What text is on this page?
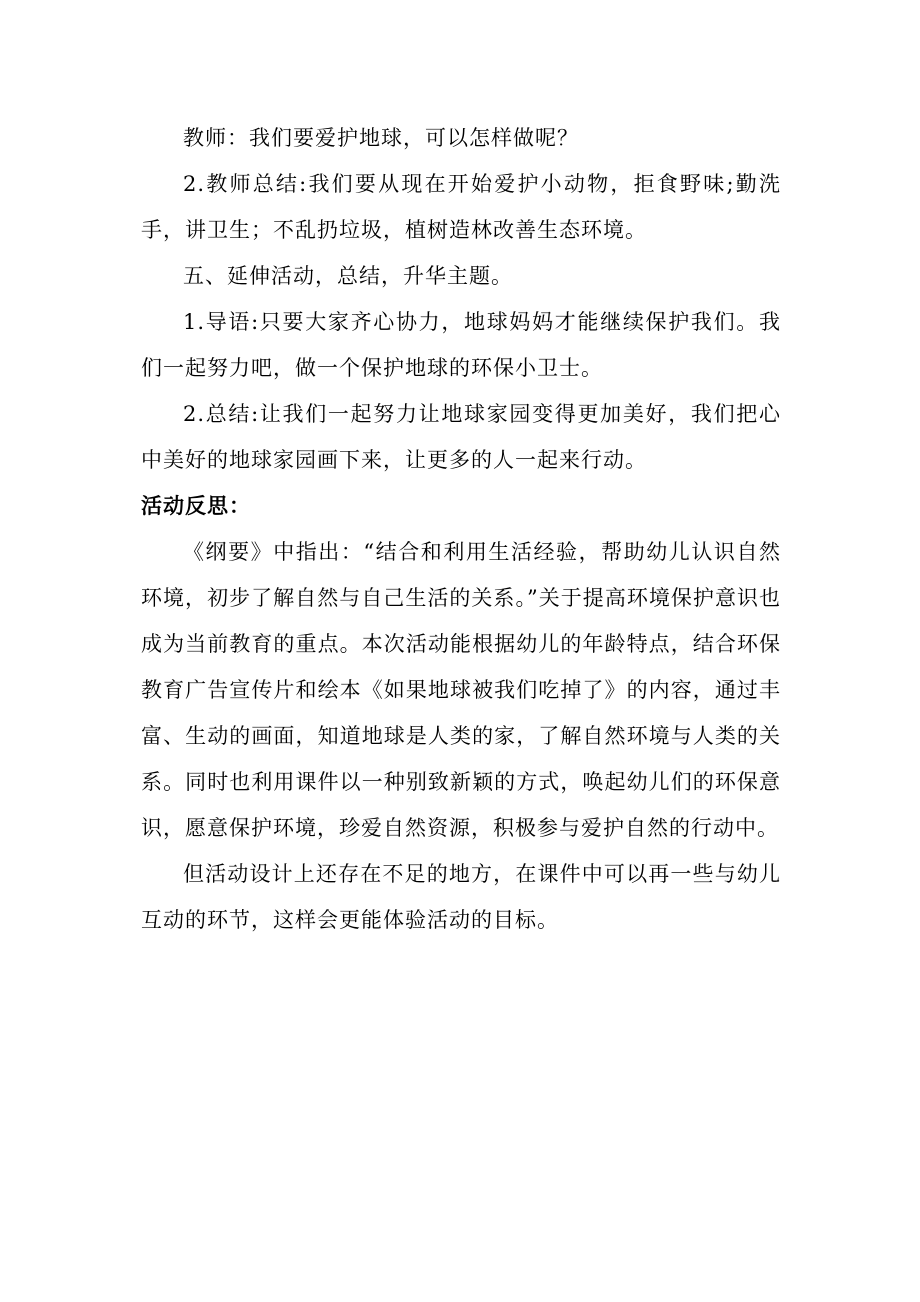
教师：我们要爱护地球，可以怎样做呢？

2.教师总结:我们要从现在开始爱护小动物，拒食野味;勤洗手，讲卫生；不乱扔垃圾，植树造林改善生态环境。

五、延伸活动，总结，升华主题。

1.导语:只要大家齐心协力，地球妈妈才能继续保护我们。我们一起努力吧，做一个保护地球的环保小卫士。

2.总结:让我们一起努力让地球家园变得更加美好，我们把心中美好的地球家园画下来，让更多的人一起来行动。

活动反思：

《纲要》中指出：“结合和利用生活经验，帮助幼儿认识自然环境，初步了解自然与自己生活的关系。”关于提高环境保护意识也成为当前教育的重点。本次活动能根据幼儿的年龄特点，结合环保教育广告宣传片和绘本《如果地球被我们吃掉了》的内容，通过丰富、生动的画面，知道地球是人类的家，了解自然环境与人类的关系。同时也利用课件以一种别致新颖的方式，唤起幼儿们的环保意识，愿意保护环境，珍爱自然资源，积极参与爱护自然的行动中。

但活动设计上还存在不足的地方，在课件中可以再一些与幼儿互动的环节，这样会更能体验活动的目标。
